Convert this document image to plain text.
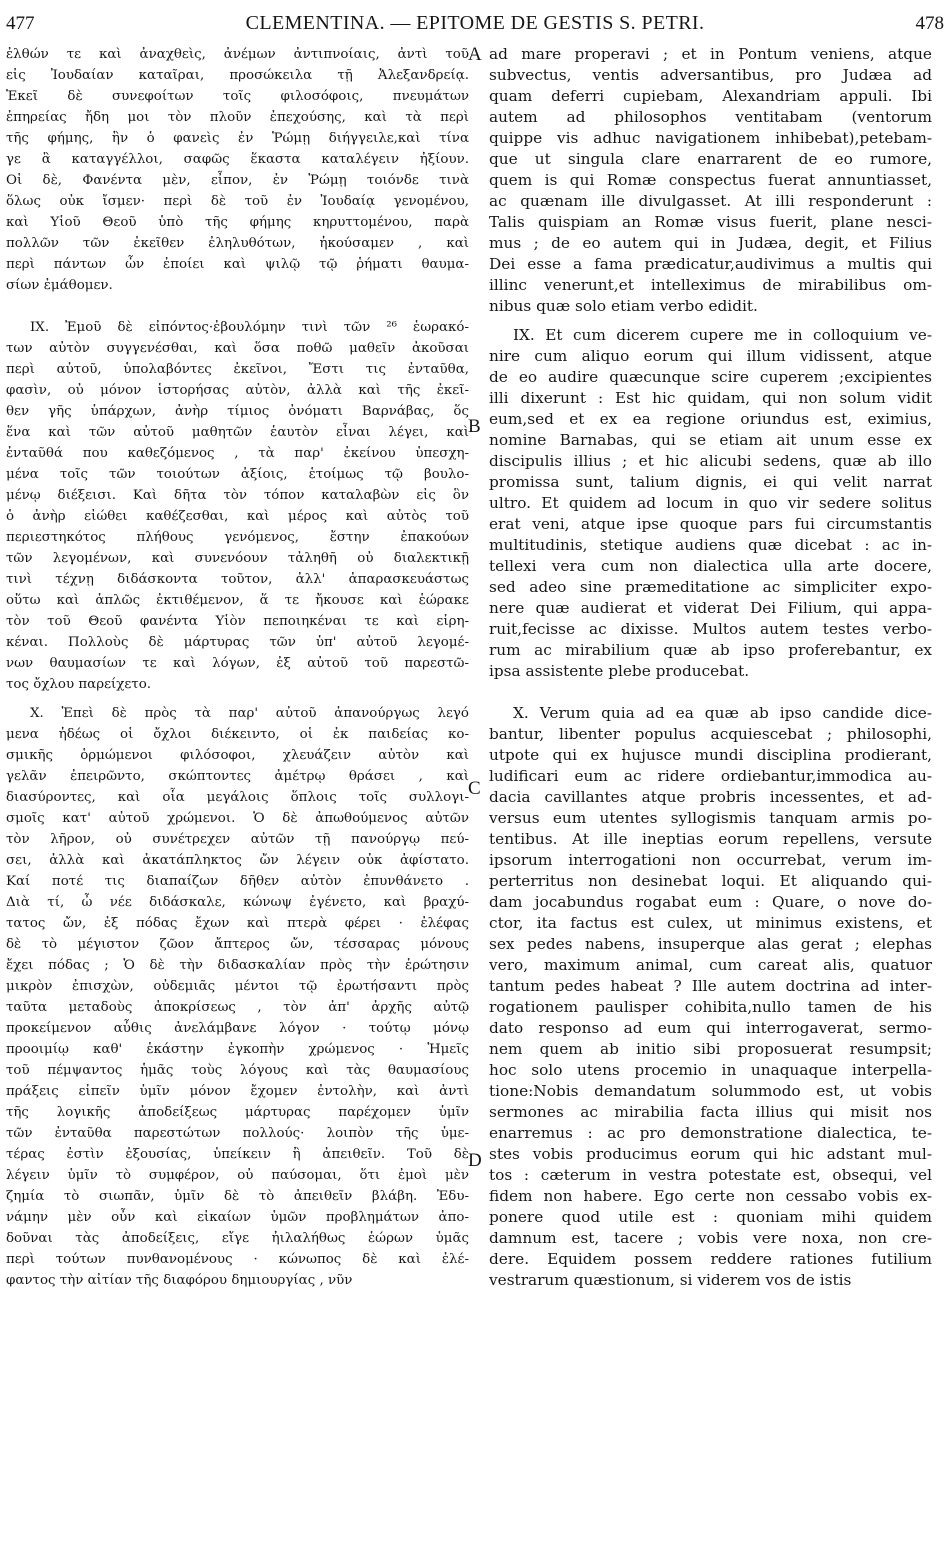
477	CLEMENTINA. — EPITOME DE GESTIS S. PETRI.	478
ἐλθών τε καὶ ἀναχθεὶς, ἀνέμων ἀντιπνοίαις, ἀντὶ τοῦ
εἰς Ἰουδαίαν καταῖραι, προσώκειλα τῇ Ἀλεξανδρείᾳ.
Ἐκεῖ δὲ συνεφοίτων τοῖς φιλοσόφοις, πνευμάτων
ἐπηρείας ἤδη μοι τὸν πλοῦν ἐπεχούσης, καὶ τὰ περὶ
τῆς φήμης, ἣν ὁ φανεὶς ἐν Ῥώμῃ διήγγειλε,καὶ τίνα
γε ἃ καταγγέλλοι, σαφῶς ἕκαστα καταλέγειν ἠξίουν.
Οἱ δὲ, Φανέντα μὲν, εἶπον, ἐν Ῥώμῃ τοιόνδε τινὰ
ὅλως οὐκ ἴσμεν· περὶ δὲ τοῦ ἐν Ἰουδαίᾳ γενομένου,
καὶ Υἱοῦ Θεοῦ ὑπὸ τῆς φήμης κηρυττομένου, παρὰ
πολλῶν τῶν ἐκεῖθεν ἐληλυθότων, ἠκούσαμεν , καὶ
περὶ πάντων ὧν ἐποίει καὶ ψιλῷ τῷ ῥήματι θαυμα-
σίων ἐμάθομεν.
IX. Ἐμοῦ δὲ εἰπόντος·ἐβουλόμην τινὶ τῶν ²⁶ ἑωρακό-
των αὐτὸν συγγενέσθαι, καὶ ὅσα ποθῶ μαθεῖν ἀκοῦσαι
περὶ αὐτοῦ, ὑπολαβόντες ἐκεῖνοι, Ἔστι τις ἐνταῦθα,
φασὶν, οὐ μόνον ἱστορήσας αὐτὸν, ἀλλὰ καὶ τῆς ἐκεῖ-
θεν γῆς ὑπάρχων, ἀνὴρ τίμιος ὀνόματι Βαρνάβας, ὅς
ἕνα καὶ τῶν αὐτοῦ μαθητῶν ἑαυτὸν εἶναι λέγει, καὶ
ἐνταῦθά που καθεζόμενος , τὰ παρ' ἐκείνου ὑπεσχη-
μένα τοῖς τῶν τοιούτων ἀξίοις, ἑτοίμως τῷ βουλο-
μένῳ διέξεισι. Καὶ δῆτα τὸν τόπον καταλαβὼν εἰς ὃν
ὁ ἀνὴρ εἰώθει καθέζεσθαι, καὶ μέρος καὶ αὐτὸς τοῦ
περιεστηκότος πλήθους γενόμενος, ἔστην ἐπακούων
τῶν λεγομένων, καὶ συνενόουν τἀληθῆ οὐ διαλεκτικῇ
τινὶ τέχνῃ διδάσκοντα τοῦτον, ἀλλ' ἀπαρασκευάστως
οὕτω καὶ ἁπλῶς ἐκτιθέμενον, ἅ τε ἤκουσε καὶ ἑώρακε
τὸν τοῦ Θεοῦ φανέντα Υἱὸν πεποιηκέναι τε καὶ εἰρη-
κέναι. Πολλοὺς δὲ μάρτυρας τῶν ὑπ' αὐτοῦ λεγομέ-
νων θαυμασίων τε καὶ λόγων, ἐξ αὐτοῦ τοῦ παρεστῶ-
τος ὄχλου παρείχετο.
X. Ἐπεὶ δὲ πρὸς τὰ παρ' αὐτοῦ ἀπανούργως λεγό
μενα ἡδέως οἱ ὄχλοι διέκειντο, οἱ ἐκ παιδείας κο-
σμικῆς ὁρμώμενοι φιλόσοφοι, χλευάζειν αὐτὸν καὶ
γελᾶν ἐπειρῶντο, σκώπτοντες ἀμέτρῳ θράσει , καὶ
διασύροντες, καὶ οἷα μεγάλοις ὅπλοις τοῖς συλλογι-
σμοῖς κατ' αὐτοῦ χρώμενοι. Ὁ δὲ ἀπωθούμενος αὐτῶν
τὸν λῆρον, οὐ συνέτρεχεν αὐτῶν τῇ πανούργῳ πεύ-
σει, ἀλλὰ καὶ ἀκατάπληκτος ὤν λέγειν οὐκ ἀφίστατο.
Καί ποτέ τις διαπαίζων δῆθεν αὐτὸν ἐπυνθάνετο .
Διὰ τί, ὦ νέε διδάσκαλε, κώνωψ ἐγένετο, καὶ βραχύ-
τατος ὤν, ἐξ πόδας ἔχων καὶ πτερὰ φέρει · ἐλέφας
δὲ τὸ μέγιστον ζῶον ἄπτερος ὤν, τέσσαρας μόνους
ἔχει πόδας ; Ὁ δὲ τὴν διδασκαλίαν πρὸς τὴν ἐρώτησιν
μικρὸν ἐπισχὼν, οὐδεμιᾶς μέντοι τῷ ἐρωτήσαντι πρὸς
ταῦτα μεταδοὺς ἀποκρίσεως , τὸν ἀπ' ἀρχῆς αὐτῷ
προκείμενον αὖθις ἀνελάμβανε λόγον · τούτῳ μόνῳ
προοιμίῳ καθ' ἑκάστην ἐγκοπὴν χρώμενος · Ἡμεῖς
τοῦ πέμψαντος ἡμᾶς τοὺς λόγους καὶ τὰς θαυμασίους
πράξεις εἰπεῖν ὑμῖν μόνον ἔχομεν ἐντολὴν, καὶ ἀντὶ
τῆς λογικῆς ἀποδείξεως μάρτυρας παρέχομεν ὑμῖν
τῶν ἐνταῦθα παρεστώτων πολλούς· λοιπὸν τῆς ὑμε-
τέρας ἐστὶν ἐξουσίας, ὑπείκειν ἢ ἀπειθεῖν. Τοῦ δὲ
λέγειν ὑμῖν τὸ συμφέρον, οὐ παύσομαι, ὅτι ἐμοὶ μὲν
ζημία τὸ σιωπᾶν, ὑμῖν δὲ τὸ ἀπειθεῖν βλάβη. Ἐδυ-
νάμην μὲν οὖν καὶ εἰκαίων ὑμῶν προβλημάτων ἀπο-
δοῦναι τὰς ἀποδείξεις, εἴγε ἠιλαλήθως ἑώρων ὑμᾶς
περὶ τούτων πυνθανομένους · κώνωπος δὲ καὶ ἐλέ-
φαντος τὴν αἰτίαν τῆς διαφόρου δημιουργίας , νῦν
A
B
C
D
ad mare properavi ; et in Pontum veniens, atque
subvectus, ventis adversantibus, pro Judæa ad
quam deferri cupiebam, Alexandriam appuli. Ibi
autem ad philosophos ventitabam (ventorum
quippe vis adhuc navigationem inhibebat),petebam-
que ut singula clare enarrarent de eo rumore,
quem is qui Romæ conspectus fuerat annuntiasset,
ac quænam ille divulgasset. At illi responderunt :
Talis quispiam an Romæ visus fuerit, plane nesci-
mus ; de eo autem qui in Judæa, degit, et Filius
Dei esse a fama prædicatur,audivimus a multis qui
illinc venerunt,et intelleximus de mirabilibus om-
nibus quæ solo etiam verbo edidit.
IX. Et cum dicerem cupere me in colloquium ve-
nire cum aliquo eorum qui illum vidissent, atque
de eo audire quæcunque scire cuperem ;excipientes
illi dixerunt : Est hic quidam, qui non solum vidit
eum,sed et ex ea regione oriundus est, eximius,
nomine Barnabas, qui se etiam ait unum esse ex
discipulis illius ; et hic alicubi sedens, quæ ab illo
promissa sunt, talium dignis, ei qui velit narrat
ultro. Et quidem ad locum in quo vir sedere solitus
erat veni, atque ipse quoque pars fui circumstantis
multitudinis, stetique audiens quæ dicebat : ac in-
tellexi vera cum non dialectica ulla arte docere,
sed adeo sine præmeditatione ac simpliciter expo-
nere quæ audierat et viderat Dei Filium, qui appa-
ruit,fecisse ac dixisse. Multos autem testes verbo-
rum ac mirabilium quæ ab ipso proferebantur, ex
ipsa assistente plebe producebat.
X. Verum quia ad ea quæ ab ipso candide dice-
bantur, libenter populus acquiescebat ; philosophi,
utpote qui ex hujusce mundi disciplina prodierant,
ludificari eum ac ridere ordiebantur,immodica au-
dacia cavillantes atque probris incessentes, et ad-
versus eum utentes syllogismis tanquam armis po-
tentibus. At ille ineptias eorum repellens, versute
ipsorum interrogationi non occurrebat, verum im-
perterritus non desinebat loqui. Et aliquando qui-
dam jocabundus rogabat eum : Quare, o nove do-
ctor, ita factus est culex, ut minimus existens, et
sex pedes nabens, insuperque alas gerat ; elephas
vero, maximum animal, cum careat alis, quatuor
tantum pedes habeat ? Ille autem doctrina ad inter-
rogationem paulisper cohibita,nullo tamen de his
dato responso ad eum qui interrogaverat, sermo-
nem quem ab initio sibi proposuerat resumpsit;
hoc solo utens procemio in unaquaque interpella-
tione:Nobis demandatum solummodo est, ut vobis
sermones ac mirabilia facta illius qui misit nos
enarremus : ac pro demonstratione dialectica, te-
stes vobis producimus eorum qui hic adstant mul-
tos : cæterum in vestra potestate est, obsequi, vel
fidem non habere. Ego certe non cessabo vobis ex-
ponere quod utile est : quoniam mihi quidem
damnum est, tacere ; vobis vere noxa, non cre-
dere. Equidem possem reddere rationes futilium
vestrarum quæstionum, si viderem vos de istis
